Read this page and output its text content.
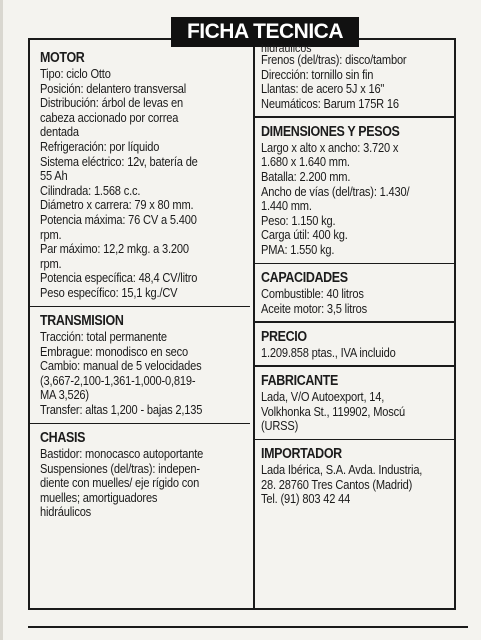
FICHA TECNICA
MOTOR
Tipo: ciclo Otto
Posición: delantero transversal
Distribución: árbol de levas en
cabeza accionado por correa
dentada
Refrigeración: por líquido
Sistema eléctrico: 12v, batería de
55 Ah
Cilindrada: 1.568 c.c.
Diámetro x carrera: 79 x 80 mm.
Potencia máxima: 76 CV a 5.400
rpm.
Par máximo: 12,2 mkg. a 3.200
rpm.
Potencia específica: 48,4 CV/litro
Peso específico: 15,1 kg./CV
TRANSMISION
Tracción: total permanente
Embrague: monodisco en seco
Cambio: manual de 5 velocidades
(3,667-2,100-1,361-1,000-0,819-
MA 3,526)
Transfer: altas 1,200 - bajas 2,135
CHASIS
Bastidor: monocasco autoportante
Suspensiones (del/tras): indepen-
diente con muelles/ eje rígido con
muelles; amortiguadores
hidráulicos
hidráulicos
Frenos (del/tras): disco/tambor
Dirección: tornillo sin fin
Llantas: de acero 5J x 16"
Neumáticos: Barum 175R 16
DIMENSIONES Y PESOS
Largo x alto x ancho: 3.720 x
1.680 x 1.640 mm.
Batalla: 2.200 mm.
Ancho de vías (del/tras): 1.430/
1.440 mm.
Peso: 1.150 kg.
Carga útil: 400 kg.
PMA: 1.550 kg.
CAPACIDADES
Combustible: 40 litros
Aceite motor: 3,5 litros
PRECIO
1.209.858 ptas., IVA incluido
FABRICANTE
Lada, V/O Autoexport, 14,
Volkhonka St., 119902, Moscú
(URSS)
IMPORTADOR
Lada Ibérica, S.A. Avda. Industria,
28. 28760 Tres Cantos (Madrid)
Tel. (91) 803 42 44
